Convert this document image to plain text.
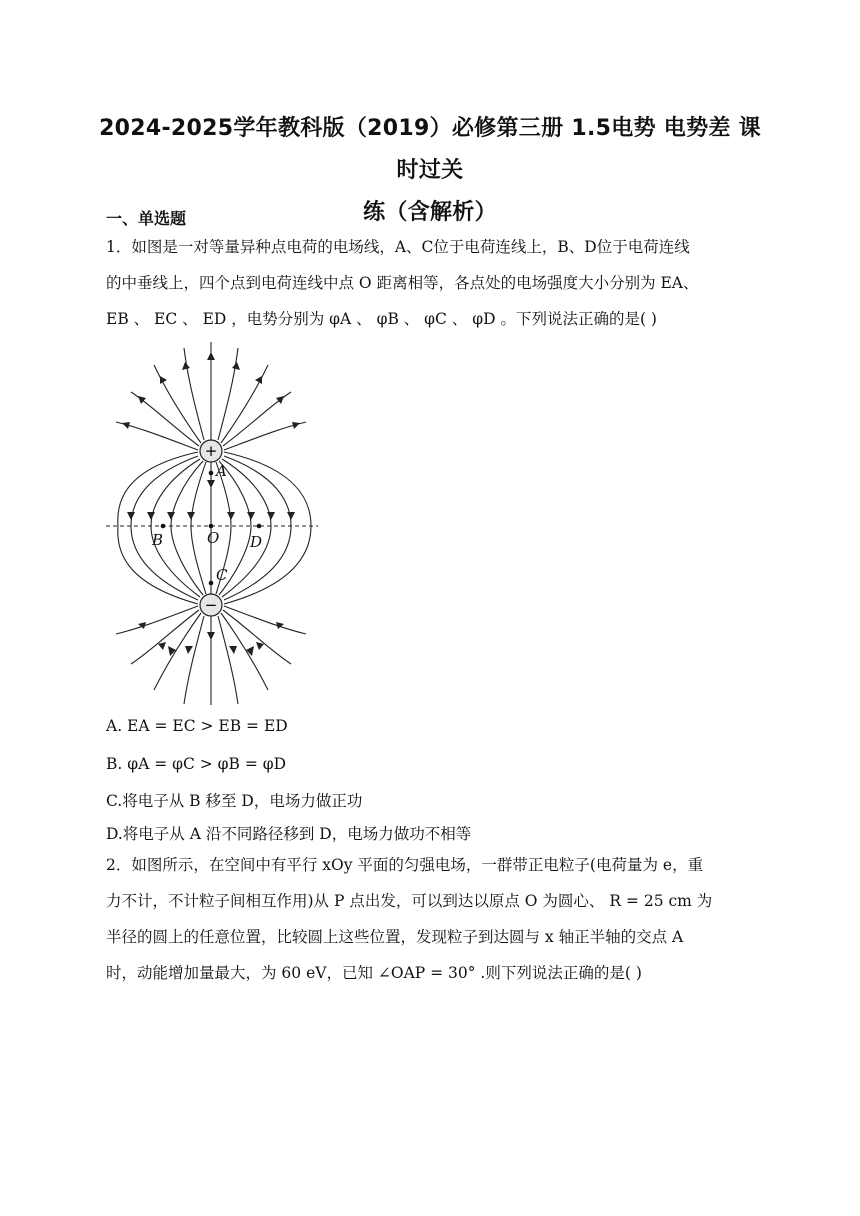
2024-2025学年教科版（2019）必修第三册 1.5电势 电势差 课时过关
练（含解析）
一、单选题
1．如图是一对等量异种点电荷的电场线，A、C位于电荷连线上，B、D位于电荷连线
的中垂线上，四个点到电荷连线中点 O 距离相等，各点处的电场强度大小分别为 EA、
EB 、 EC 、 ED ，电势分别为 φA 、 φB 、 φC 、 φD 。下列说法正确的是( )
+
−
A
B	O D
C
A. EA = EC > EB = ED
B. φA = φC > φB = φD
C.将电子从 B 移至 D，电场力做正功
D.将电子从 A 沿不同路径移到 D，电场力做功不相等
2．如图所示，在空间中有平行 xOy 平面的匀强电场，一群带正电粒子(电荷量为 e，重
力不计，不计粒子间相互作用)从 P 点出发，可以到达以原点 O 为圆心、 R = 25 cm 为
半径的圆上的任意位置，比较圆上这些位置，发现粒子到达圆与 x 轴正半轴的交点 A
时，动能增加量最大，为 60 eV，已知 ∠OAP = 30° .则下列说法正确的是( )
